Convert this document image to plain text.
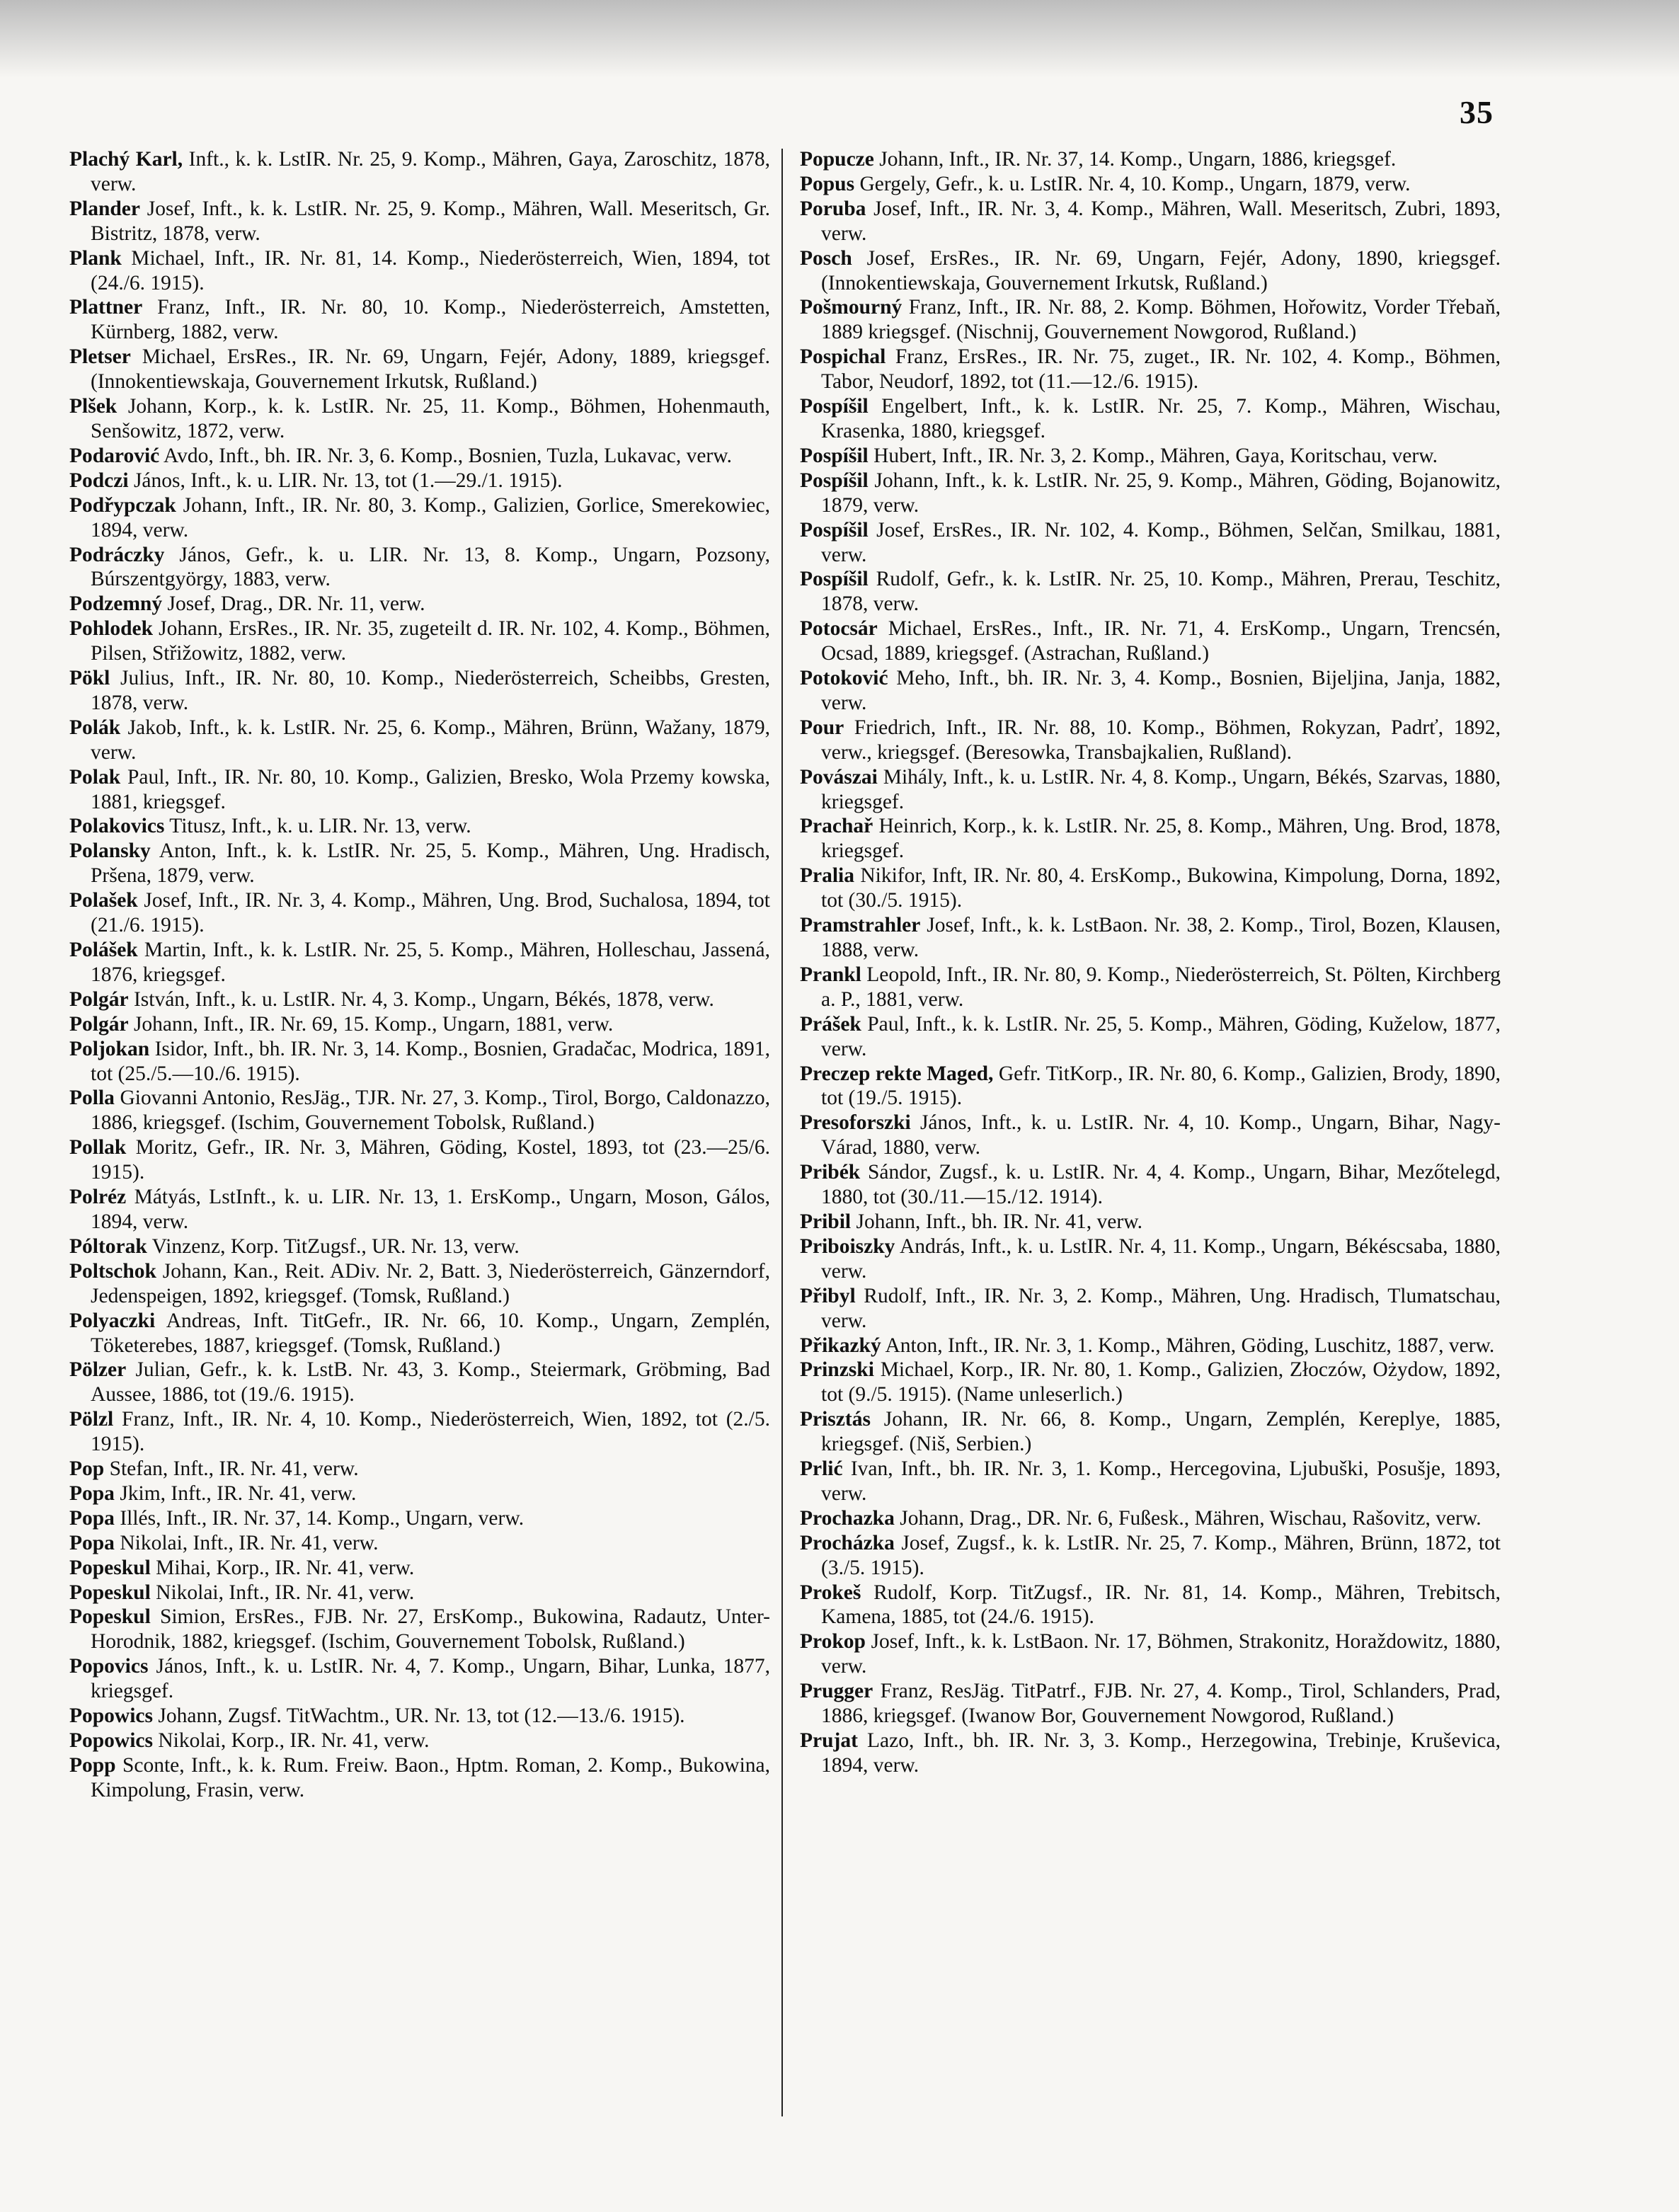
35

Plachý Karl, Inft., k. k. LstIR. Nr. 25, 9. Komp., Mähren, Gaya, Zaroschitz, 1878, verw.

Plander Josef, Inft., k. k. LstIR. Nr. 25, 9. Komp., Mähren, Wall. Meseritsch, Gr. Bistritz, 1878, verw.

Plank Michael, Inft., IR. Nr. 81, 14. Komp., Niederösterreich, Wien, 1894, tot (24./6. 1915).

Plattner Franz, Inft., IR. Nr. 80, 10. Komp., Niederösterreich, Amstetten, Kürnberg, 1882, verw.

Pletser Michael, ErsRes., IR. Nr. 69, Ungarn, Fejér, Adony, 1889, kriegsgef. (Innokentiewskaja, Gouvernement Irkutsk, Rußland.)

Plšek Johann, Korp., k. k. LstIR. Nr. 25, 11. Komp., Böhmen, Hohenmauth, Senšowitz, 1872, verw.

Podarović Avdo, Inft., bh. IR. Nr. 3, 6. Komp., Bosnien, Tuzla, Lukavac, verw.

Podczi János, Inft., k. u. LIR. Nr. 13, tot (1.—29./1. 1915).

Podřypczak Johann, Inft., IR. Nr. 80, 3. Komp., Galizien, Gorlice, Smerekowiec, 1894, verw.

Podráczky János, Gefr., k. u. LIR. Nr. 13, 8. Komp., Ungarn, Pozsony, Búrszentgyörgy, 1883, verw.

Podzemný Josef, Drag., DR. Nr. 11, verw.

Pohlodek Johann, ErsRes., IR. Nr. 35, zugeteilt d. IR. Nr. 102, 4. Komp., Böhmen, Pilsen, Střižowitz, 1882, verw.

Pökl Julius, Inft., IR. Nr. 80, 10. Komp., Niederösterreich, Scheibbs, Gresten, 1878, verw.

Polák Jakob, Inft., k. k. LstIR. Nr. 25, 6. Komp., Mähren, Brünn, Wažany, 1879, verw.

Polak Paul, Inft., IR. Nr. 80, 10. Komp., Galizien, Bresko, Wola Przemy kowska, 1881, kriegsgef.

Polakovics Titusz, Inft., k. u. LIR. Nr. 13, verw.

Polansky Anton, Inft., k. k. LstIR. Nr. 25, 5. Komp., Mähren, Ung. Hradisch, Pršena, 1879, verw.

Polašek Josef, Inft., IR. Nr. 3, 4. Komp., Mähren, Ung. Brod, Suchalosa, 1894, tot (21./6. 1915).

Polášek Martin, Inft., k. k. LstIR. Nr. 25, 5. Komp., Mähren, Holleschau, Jassená, 1876, kriegsgef.

Polgár István, Inft., k. u. LstIR. Nr. 4, 3. Komp., Ungarn, Békés, 1878, verw.

Polgár Johann, Inft., IR. Nr. 69, 15. Komp., Ungarn, 1881, verw.

Poljokan Isidor, Inft., bh. IR. Nr. 3, 14. Komp., Bosnien, Gradačac, Modrica, 1891, tot (25./5.—10./6. 1915).

Polla Giovanni Antonio, ResJäg., TJR. Nr. 27, 3. Komp., Tirol, Borgo, Caldonazzo, 1886, kriegsgef. (Ischim, Gouvernement Tobolsk, Rußland.)

Pollak Moritz, Gefr., IR. Nr. 3, Mähren, Göding, Kostel, 1893, tot (23.—25/6. 1915).

Polréz Mátyás, LstInft., k. u. LIR. Nr. 13, 1. ErsKomp., Ungarn, Moson, Gálos, 1894, verw.

Póltorak Vinzenz, Korp. TitZugsf., UR. Nr. 13, verw.

Poltschok Johann, Kan., Reit. ADiv. Nr. 2, Batt. 3, Niederösterreich, Gänzerndorf, Jedenspeigen, 1892, kriegsgef. (Tomsk, Rußland.)

Polyaczki Andreas, Inft. TitGefr., IR. Nr. 66, 10. Komp., Ungarn, Zemplén, Töketerebes, 1887, kriegsgef. (Tomsk, Rußland.)

Pölzer Julian, Gefr., k. k. LstB. Nr. 43, 3. Komp., Steiermark, Gröbming, Bad Aussee, 1886, tot (19./6. 1915).

Pölzl Franz, Inft., IR. Nr. 4, 10. Komp., Niederösterreich, Wien, 1892, tot (2./5. 1915).

Pop Stefan, Inft., IR. Nr. 41, verw.

Popa Jkim, Inft., IR. Nr. 41, verw.

Popa Illés, Inft., IR. Nr. 37, 14. Komp., Ungarn, verw.

Popa Nikolai, Inft., IR. Nr. 41, verw.

Popeskul Mihai, Korp., IR. Nr. 41, verw.

Popeskul Nikolai, Inft., IR. Nr. 41, verw.

Popeskul Simion, ErsRes., FJB. Nr. 27, ErsKomp., Bukowina, Radautz, Unter-Horodnik, 1882, kriegsgef. (Ischim, Gouvernement Tobolsk, Rußland.)

Popovics János, Inft., k. u. LstIR. Nr. 4, 7. Komp., Ungarn, Bihar, Lunka, 1877, kriegsgef.

Popowics Johann, Zugsf. TitWachtm., UR. Nr. 13, tot (12.—13./6. 1915).

Popowics Nikolai, Korp., IR. Nr. 41, verw.

Popp Sconte, Inft., k. k. Rum. Freiw. Baon., Hptm. Roman, 2. Komp., Bukowina, Kimpolung, Frasin, verw.

Popucze Johann, Inft., IR. Nr. 37, 14. Komp., Ungarn, 1886, kriegsgef.

Popus Gergely, Gefr., k. u. LstIR. Nr. 4, 10. Komp., Ungarn, 1879, verw.

Poruba Josef, Inft., IR. Nr. 3, 4. Komp., Mähren, Wall. Meseritsch, Zubri, 1893, verw.

Posch Josef, ErsRes., IR. Nr. 69, Ungarn, Fejér, Adony, 1890, kriegsgef. (Innokentiewskaja, Gouvernement Irkutsk, Rußland.)

Pošmourný Franz, Inft., IR. Nr. 88, 2. Komp. Böhmen, Hořowitz, Vorder Třebaň, 1889 kriegsgef. (Nischnij, Gouvernement Nowgorod, Rußland.)

Pospichal Franz, ErsRes., IR. Nr. 75, zuget., IR. Nr. 102, 4. Komp., Böhmen, Tabor, Neudorf, 1892, tot (11.—12./6. 1915).

Pospíšil Engelbert, Inft., k. k. LstIR. Nr. 25, 7. Komp., Mähren, Wischau, Krasenka, 1880, kriegsgef.

Pospíšil Hubert, Inft., IR. Nr. 3, 2. Komp., Mähren, Gaya, Koritschau, verw.

Pospíšil Johann, Inft., k. k. LstIR. Nr. 25, 9. Komp., Mähren, Göding, Bojanowitz, 1879, verw.

Pospíšil Josef, ErsRes., IR. Nr. 102, 4. Komp., Böhmen, Selčan, Smilkau, 1881, verw.

Pospíšil Rudolf, Gefr., k. k. LstIR. Nr. 25, 10. Komp., Mähren, Prerau, Teschitz, 1878, verw.

Potocsár Michael, ErsRes., Inft., IR. Nr. 71, 4. ErsKomp., Ungarn, Trencsén, Ocsad, 1889, kriegsgef. (Astrachan, Rußland.)

Potoković Meho, Inft., bh. IR. Nr. 3, 4. Komp., Bosnien, Bijeljina, Janja, 1882, verw.

Pour Friedrich, Inft., IR. Nr. 88, 10. Komp., Böhmen, Rokyzan, Padrť, 1892, verw., kriegsgef. (Beresowka, Transbajkalien, Rußland).

Povászai Mihály, Inft., k. u. LstIR. Nr. 4, 8. Komp., Ungarn, Békés, Szarvas, 1880, kriegsgef.

Prachař Heinrich, Korp., k. k. LstIR. Nr. 25, 8. Komp., Mähren, Ung. Brod, 1878, kriegsgef.

Pralia Nikifor, Inft, IR. Nr. 80, 4. ErsKomp., Bukowina, Kimpolung, Dorna, 1892, tot (30./5. 1915).

Pramstrahler Josef, Inft., k. k. LstBaon. Nr. 38, 2. Komp., Tirol, Bozen, Klausen, 1888, verw.

Prankl Leopold, Inft., IR. Nr. 80, 9. Komp., Niederösterreich, St. Pölten, Kirchberg a. P., 1881, verw.

Prášek Paul, Inft., k. k. LstIR. Nr. 25, 5. Komp., Mähren, Göding, Kuželow, 1877, verw.

Preczep rekte Maged, Gefr. TitKorp., IR. Nr. 80, 6. Komp., Galizien, Brody, 1890, tot (19./5. 1915).

Presoforszki János, Inft., k. u. LstIR. Nr. 4, 10. Komp., Ungarn, Bihar, Nagy-Várad, 1880, verw.

Pribék Sándor, Zugsf., k. u. LstIR. Nr. 4, 4. Komp., Ungarn, Bihar, Mezőtelegd, 1880, tot (30./11.—15./12. 1914).

Pribil Johann, Inft., bh. IR. Nr. 41, verw.

Priboiszky András, Inft., k. u. LstIR. Nr. 4, 11. Komp., Ungarn, Békéscsaba, 1880, verw.

Přibyl Rudolf, Inft., IR. Nr. 3, 2. Komp., Mähren, Ung. Hradisch, Tlumatschau, verw.

Přikazký Anton, Inft., IR. Nr. 3, 1. Komp., Mähren, Göding, Luschitz, 1887, verw.

Prinzski Michael, Korp., IR. Nr. 80, 1. Komp., Galizien, Złoczów, Ożydow, 1892, tot (9./5. 1915). (Name unleserlich.)

Prisztás Johann, IR. Nr. 66, 8. Komp., Ungarn, Zemplén, Kereplye, 1885, kriegsgef. (Niš, Serbien.)

Prlić Ivan, Inft., bh. IR. Nr. 3, 1. Komp., Hercegovina, Ljubuški, Posušje, 1893, verw.

Prochazka Johann, Drag., DR. Nr. 6, Fußesk., Mähren, Wischau, Rašovitz, verw.

Procházka Josef, Zugsf., k. k. LstIR. Nr. 25, 7. Komp., Mähren, Brünn, 1872, tot (3./5. 1915).

Prokeš Rudolf, Korp. TitZugsf., IR. Nr. 81, 14. Komp., Mähren, Trebitsch, Kamena, 1885, tot (24./6. 1915).

Prokop Josef, Inft., k. k. LstBaon. Nr. 17, Böhmen, Strakonitz, Horaždowitz, 1880, verw.

Prugger Franz, ResJäg. TitPatrf., FJB. Nr. 27, 4. Komp., Tirol, Schlanders, Prad, 1886, kriegsgef. (Iwanow Bor, Gouvernement Nowgorod, Rußland.)

Prujat Lazo, Inft., bh. IR. Nr. 3, 3. Komp., Herzegowina, Trebinje, Kruševica, 1894, verw.
